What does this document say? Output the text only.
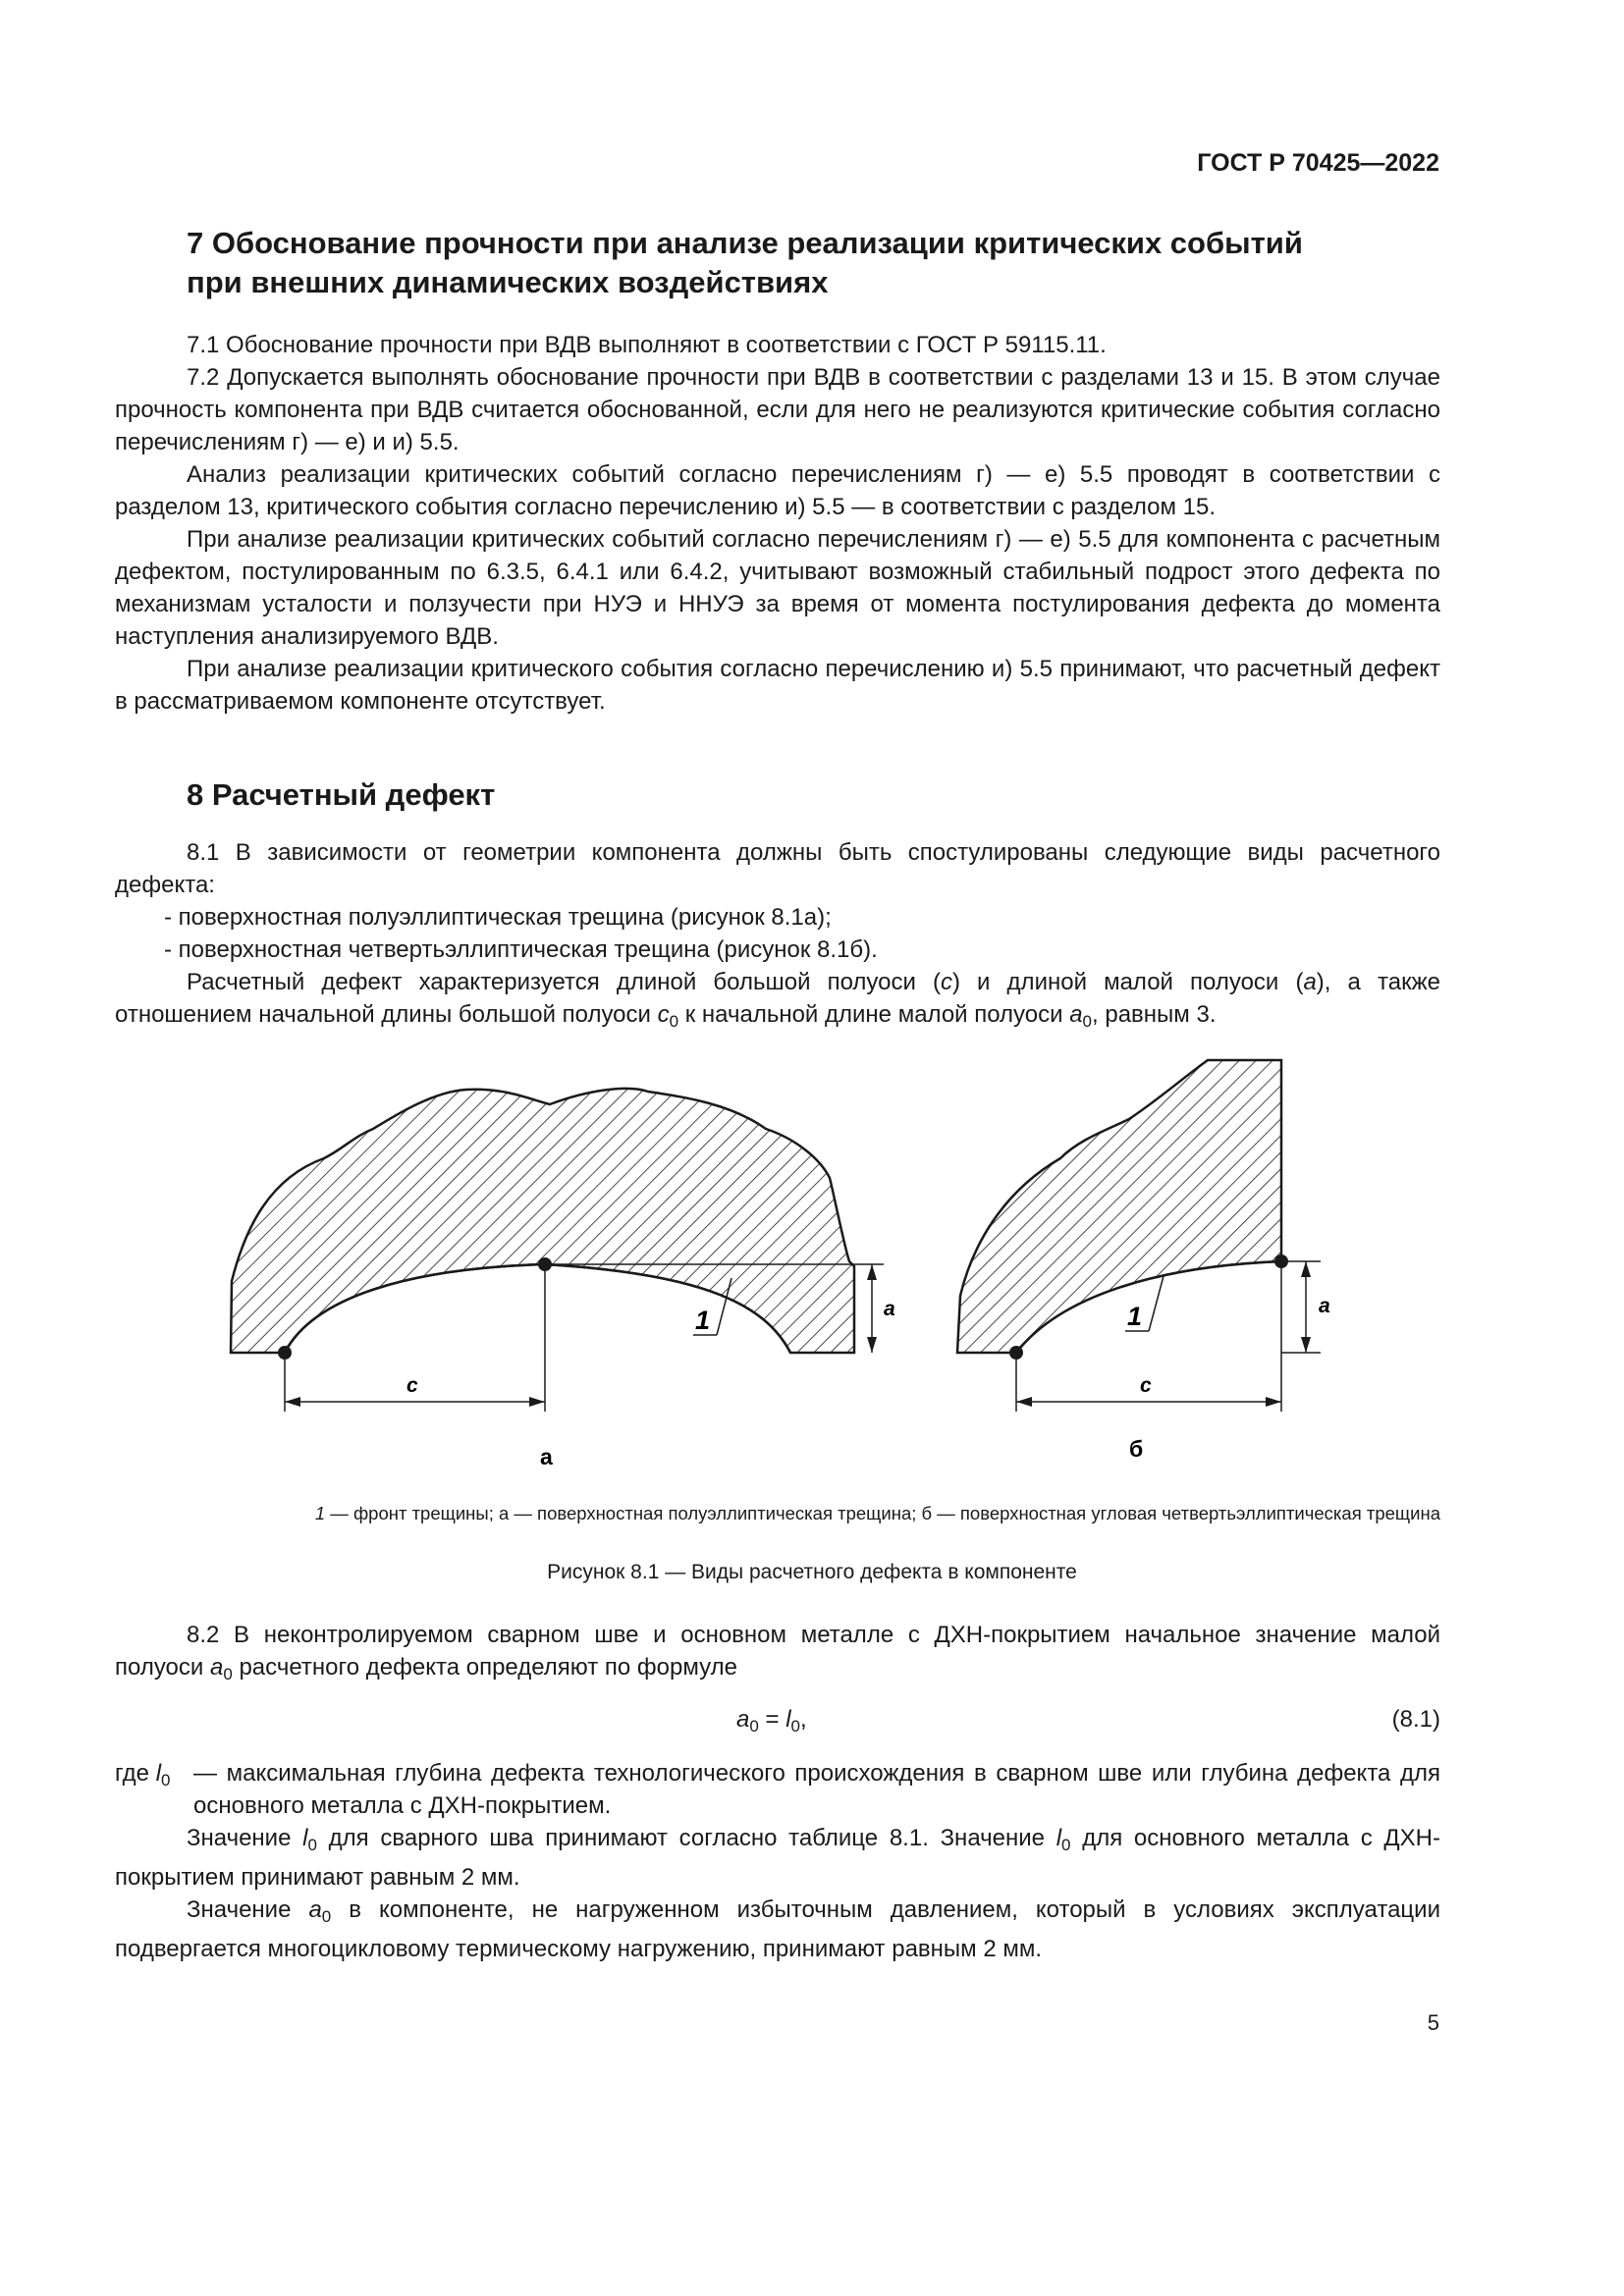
ГОСТ Р 70425—2022
7 Обоснование прочности при анализе реализации критических событий
при внешних динамических воздействиях

7.1 Обоснование прочности при ВДВ выполняют в соответствии с ГОСТ Р 59115.11.

7.2 Допускается выполнять обоснование прочности при ВДВ в соответствии с разделами 13 и 15. В этом случае прочность компонента при ВДВ считается обоснованной, если для него не реализуются критические события согласно перечислениям г) — е) и и) 5.5.

Анализ реализации критических событий согласно перечислениям г) — е) 5.5 проводят в соответствии с разделом 13, критического события согласно перечислению и) 5.5 — в соответствии с разделом 15.

При анализе реализации критических событий согласно перечислениям г) — е) 5.5 для компонента с расчетным дефектом, постулированным по 6.3.5, 6.4.1 или 6.4.2, учитывают возможный стабильный подрост этого дефекта по механизмам усталости и ползучести при НУЭ и ННУЭ за время от момента постулирования дефекта до момента наступления анализируемого ВДВ.

При анализе реализации критического события согласно перечислению и) 5.5 принимают, что расчетный дефект в рассматриваемом компоненте отсутствует.

8 Расчетный дефект

8.1 В зависимости от геометрии компонента должны быть спостулированы следующие виды расчетного дефекта:

- поверхностная полуэллиптическая трещина (рисунок 8.1а);

- поверхностная четвертьэллиптическая трещина (рисунок 8.1б).

Расчетный дефект характеризуется длиной большой полуоси (c) и длиной малой полуоси (a), а также отношением начальной длины большой полуоси $c_0$ к начальной длине малой полуоси $a_0$, равным 3.

c
a
1
а
c
a
1
б
1 — фронт трещины; а — поверхностная полуэллиптическая трещина; б — поверхностная угловая четвертьэллиптическая трещина
Рисунок 8.1 — Виды расчетного дефекта в компоненте

8.2 В неконтролируемом сварном шве и основном металле с ДХН-покрытием начальное значение малой полуоси $a_0$ расчетного дефекта определяют по формуле

$a_0 = l_0$,	(8.1)
где $l_0$ — максимальная глубина дефекта технологического происхождения в сварном шве или глубина дефекта для основного металла с ДХН-покрытием.

Значение $l_0$ для сварного шва принимают согласно таблице 8.1. Значение $l_0$ для основного металла с ДХН-покрытием принимают равным 2 мм.

Значение $a_0$ в компоненте, не нагруженном избыточным давлением, который в условиях эксплуатации подвергается многоцикловому термическому нагружению, принимают равным 2 мм.

5
